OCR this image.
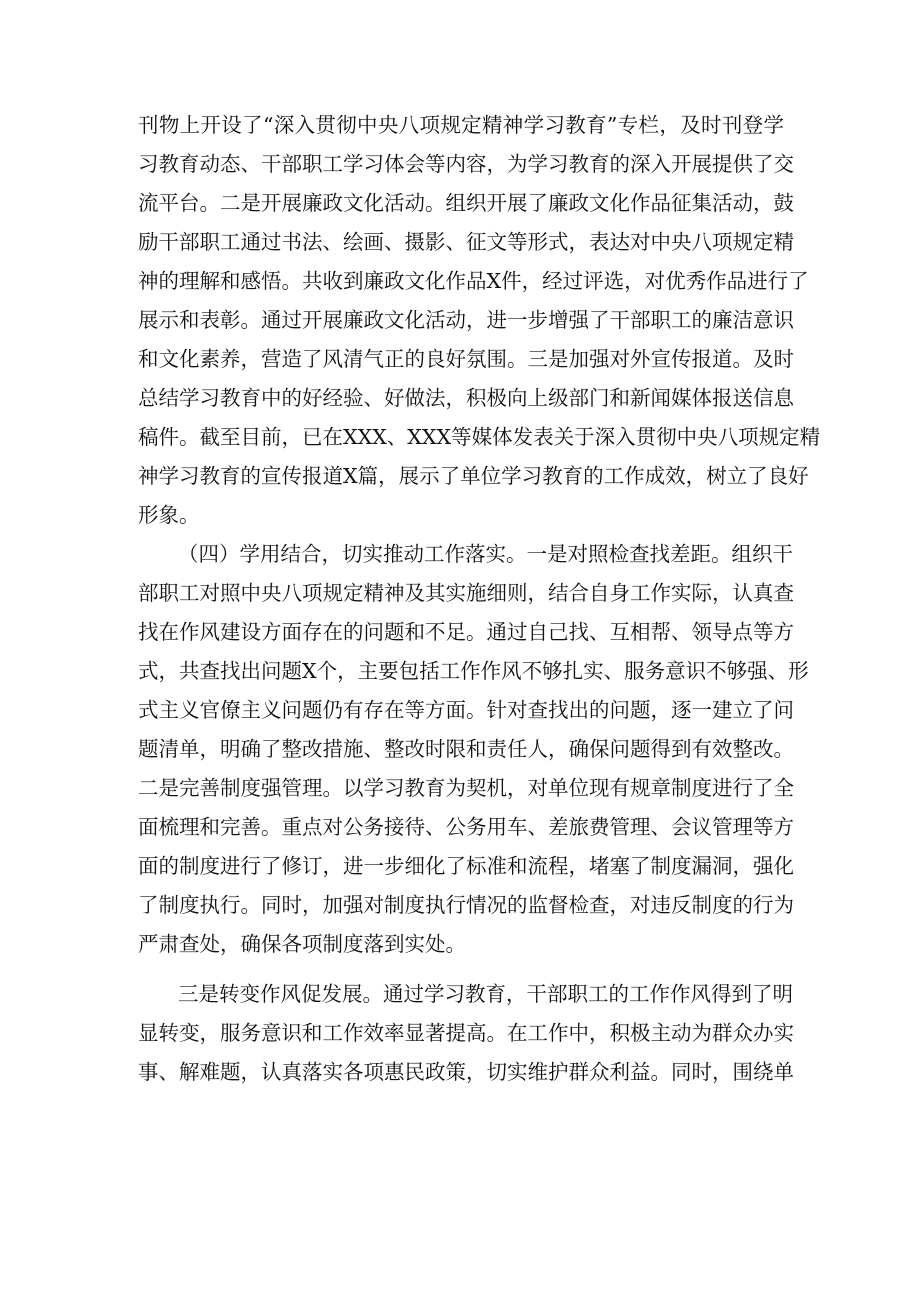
刊物上开设了“深入贯彻中央八项规定精神学习教育”专栏，及时刊登学
习教育动态、干部职工学习体会等内容，为学习教育的深入开展提供了交
流平台。二是开展廉政文化活动。组织开展了廉政文化作品征集活动，鼓
励干部职工通过书法、绘画、摄影、征文等形式，表达对中央八项规定精
神的理解和感悟。共收到廉政文化作品X件，经过评选，对优秀作品进行了
展示和表彰。通过开展廉政文化活动，进一步增强了干部职工的廉洁意识
和文化素养，营造了风清气正的良好氛围。三是加强对外宣传报道。及时
总结学习教育中的好经验、好做法，积极向上级部门和新闻媒体报送信息
稿件。截至目前，已在XXX、XXX等媒体发表关于深入贯彻中央八项规定精
神学习教育的宣传报道X篇，展示了单位学习教育的工作成效，树立了良好
形象。
（四）学用结合，切实推动工作落实。一是对照检查找差距。组织干
部职工对照中央八项规定精神及其实施细则，结合自身工作实际，认真查
找在作风建设方面存在的问题和不足。通过自己找、互相帮、领导点等方
式，共查找出问题X个，主要包括工作作风不够扎实、服务意识不够强、形
式主义官僚主义问题仍有存在等方面。针对查找出的问题，逐一建立了问
题清单，明确了整改措施、整改时限和责任人，确保问题得到有效整改。
二是完善制度强管理。以学习教育为契机，对单位现有规章制度进行了全
面梳理和完善。重点对公务接待、公务用车、差旅费管理、会议管理等方
面的制度进行了修订，进一步细化了标准和流程，堵塞了制度漏洞，强化
了制度执行。同时，加强对制度执行情况的监督检查，对违反制度的行为
严肃查处，确保各项制度落到实处。
三是转变作风促发展。通过学习教育，干部职工的工作作风得到了明
显转变，服务意识和工作效率显著提高。在工作中，积极主动为群众办实
事、解难题，认真落实各项惠民政策，切实维护群众利益。同时，围绕单
